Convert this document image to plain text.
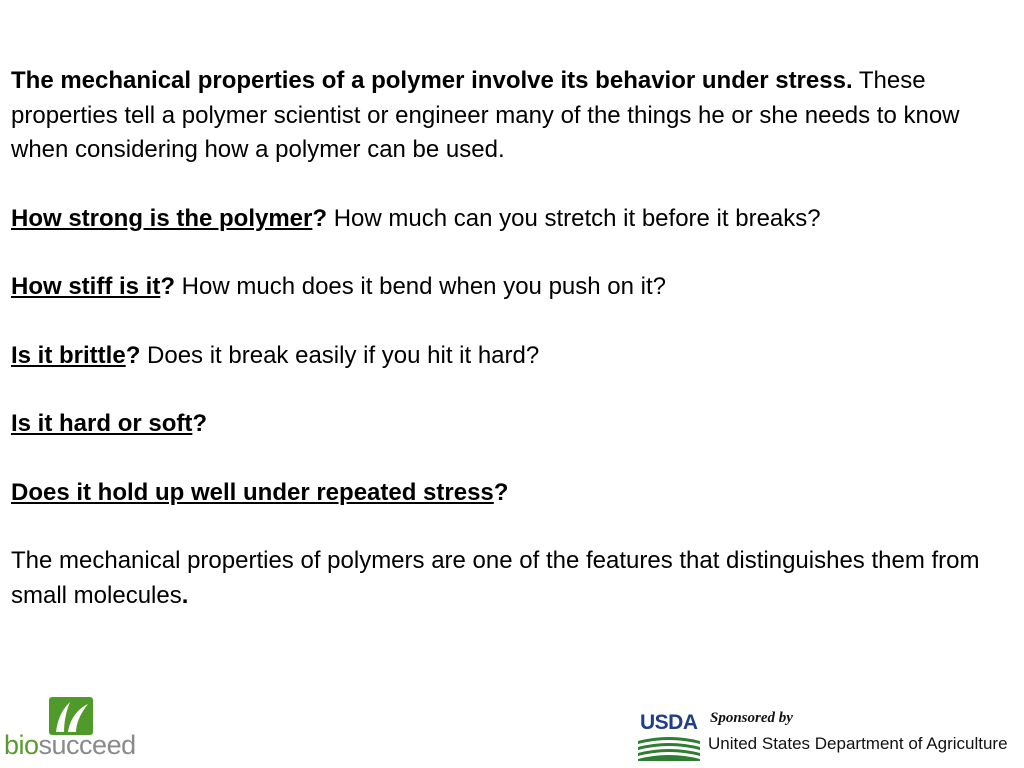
The mechanical properties of a polymer involve its behavior under stress. These properties tell a polymer scientist or engineer many of the things he or she needs to know when considering how a polymer can be used.

How strong is the polymer? How much can you stretch it before it breaks?

How stiff is it? How much does it bend when you push on it?

Is it brittle? Does it break easily if you hit it hard?

Is it hard or soft?

Does it hold up well under repeated stress?

The mechanical properties of polymers are one of the features that distinguishes them from small molecules.

biosucceed
USDA Sponsored by
United States Department of Agriculture
